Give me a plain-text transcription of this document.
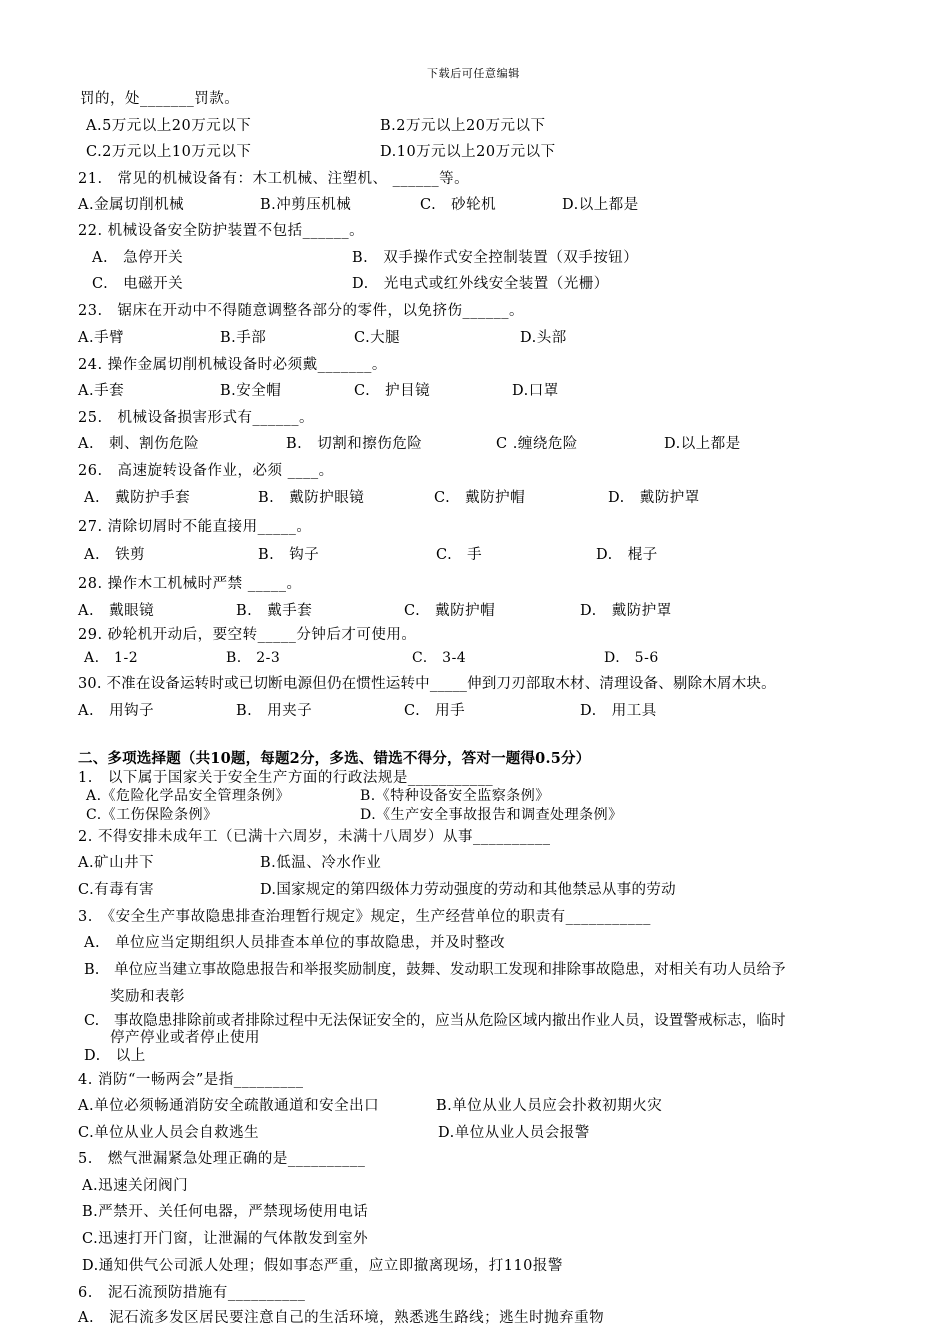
下载后可任意编辑
罚的，处_______罚款。
A.5万元以上20万元以下	B.2万元以上20万元以下
C.2万元以上10万元以下	D.10万元以上20万元以下
21.　常见的机械设备有：木工机械、注塑机、 ______等。
A.金属切削机械	B.冲剪压机械	C.　砂轮机	D.以上都是
22. 机械设备安全防护装置不包括______。
A.　急停开关	B.　双手操作式安全控制装置（双手按钮）
C.　电磁开关	D.　光电式或红外线安全装置（光栅）
23.　锯床在开动中不得随意调整各部分的零件，以免挤伤______。
A.手臂	B.手部	C.大腿	D.头部
24. 操作金属切削机械设备时必须戴_______。
A.手套	B.安全帽	C.　护目镜	D.口罩
25.　机械设备损害形式有______。
A.　刺、割伤危险	B.　切割和擦伤危险	C .缠绕危险	D.以上都是
26.　高速旋转设备作业，必须 ____。
A.　戴防护手套	B.　戴防护眼镜	C.　戴防护帽	D.　戴防护罩
27. 清除切屑时不能直接用_____。
A.　铁剪	B.　钩子	C.　手	D.　棍子
28. 操作木工机械时严禁 _____。
A.　戴眼镜	B.　戴手套	C.　戴防护帽	D.　戴防护罩
29. 砂轮机开动后，要空转_____分钟后才可使用。
A.　1-2	B.　2-3	C.　3-4	D.　5-6
30. 不准在设备运转时或已切断电源但仍在惯性运转中_____伸到刀刃部取木材、清理设备、剔除木屑木块。
A.　用钩子	B.　用夹子	C.　用手	D.　用工具
二、多项选择题（共10题，每题2分，多选、错选不得分，答对一题得0.5分）
1.　以下属于国家关于安全生产方面的行政法规是___________
A.《危险化学品安全管理条例》	B.《特种设备安全监察条例》
C.《工伤保险条例》	D.《生产安全事故报告和调查处理条例》
2. 不得安排未成年工（已满十六周岁，未满十八周岁）从事__________
A.矿山井下	B.低温、冷水作业
C.有毒有害	D.国家规定的第四级体力劳动强度的劳动和其他禁忌从事的劳动
3.　《安全生产事故隐患排查治理暂行规定》规定，生产经营单位的职责有___________
A.　单位应当定期组织人员排查本单位的事故隐患，并及时整改
B.　单位应当建立事故隐患报告和举报奖励制度，鼓舞、发动职工发现和排除事故隐患，对相关有功人员给予
奖励和表彰
C.　事故隐患排除前或者排除过程中无法保证安全的，应当从危险区域内撤出作业人员，设置警戒标志，临时
停产停业或者停止使用
D.　以上
4. 消防“一畅两会”是指_________
A.单位必须畅通消防安全疏散通道和安全出口	B.单位从业人员应会扑救初期火灾
C.单位从业人员会自救逃生	D.单位从业人员会报警
5.　燃气泄漏紧急处理正确的是__________
A.迅速关闭阀门
B.严禁开、关任何电器，严禁现场使用电话
C.迅速打开门窗，让泄漏的气体散发到室外
D.通知供气公司派人处理；假如事态严重，应立即撤离现场，打110报警
6.　泥石流预防措施有__________
A.　泥石流多发区居民要注意自己的生活环境，熟悉逃生路线；逃生时抛弃重物
